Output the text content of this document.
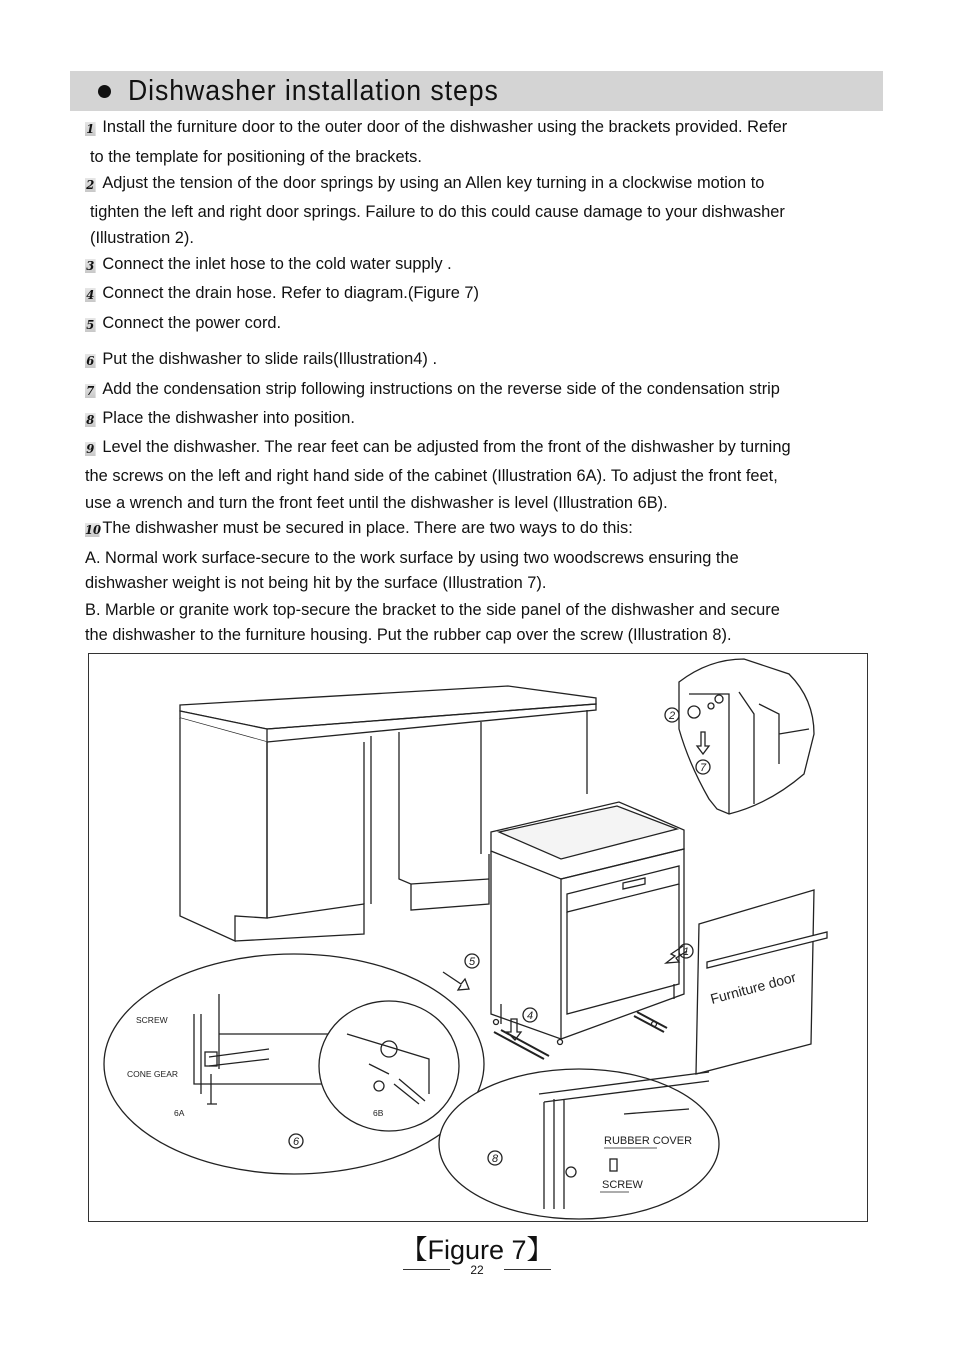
Dishwasher installation steps
1 Install the furniture door to the outer door of the dishwasher using the brackets provided. Refer
to the template for positioning of the brackets.
2 Adjust the tension of the door springs by using an Allen key turning in a clockwise motion to
tighten the left and right door springs. Failure to do this could cause damage to your dishwasher
(Illustration 2).
3 Connect the inlet hose to the cold water supply .
4 Connect the drain hose. Refer to diagram.(Figure 7)
5 Connect the power cord.
6 Put the dishwasher to slide rails(Illustration4) .
7 Add the condensation strip following instructions on the reverse side of the condensation strip
8 Place the dishwasher into position.
9 Level the dishwasher. The rear feet can be adjusted from the front of the dishwasher by turning
the screws on the left and right hand side of the cabinet (Illustration 6A). To adjust the front feet,
use a wrench and turn the front feet until the dishwasher is level (Illustration 6B).
10The dishwasher must be secured in place. There are two ways to do this:
A. Normal work surface-secure to the work surface by using two woodscrews ensuring the
dishwasher weight is not being hit by the surface (Illustration 7).
B. Marble or granite work top-secure the bracket to the side panel of the dishwasher and secure
the dishwasher to the furniture housing. Put the rubber cap over the screw (Illustration 8).
Furniture door
SCREW
CONE GEAR
6A	6B
RUBBER COVER
SCREW
2
7
5
1
4
6
8
【Figure 7】
22
